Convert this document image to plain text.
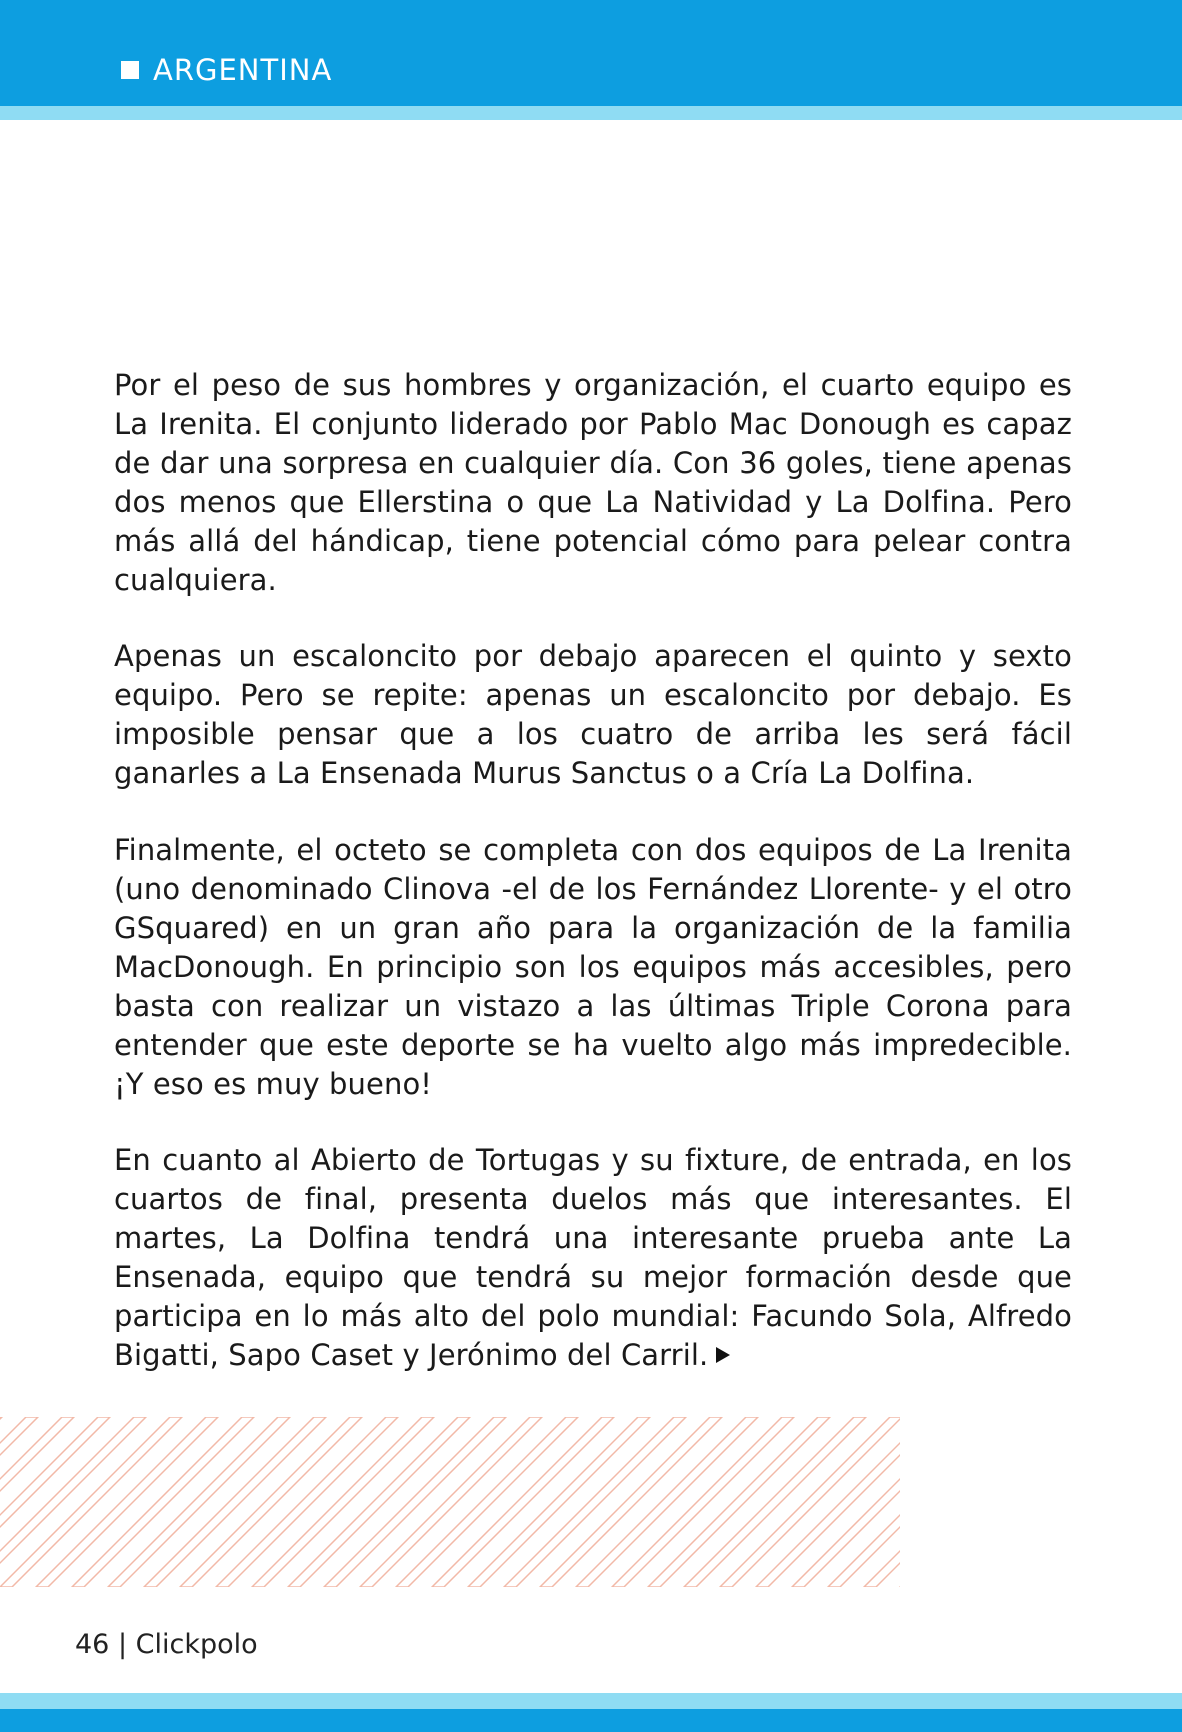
ARGENTINA

Por el peso de sus hombres y organización, el cuarto equipo es La Irenita. El conjunto liderado por Pablo Mac Donough es capaz de dar una sorpresa en cualquier día. Con 36 goles, tiene apenas dos menos que Ellerstina o que La Natividad y La Dolfina. Pero más allá del hándicap, tiene potencial cómo para pelear contra cualquiera.

Apenas un escaloncito por debajo aparecen el quinto y sexto equipo. Pero se repite: apenas un escaloncito por debajo. Es imposible pensar que a los cuatro de arriba les será fácil ganarles a La Ensenada Murus Sanctus o a Cría La Dolfina.

Finalmente, el octeto se completa con dos equipos de La Irenita (uno denominado Clinova -el de los Fernández Llorente- y el otro GSquared) en un gran año para la organización de la familia MacDonough. En principio son los equipos más accesibles, pero basta con realizar un vistazo a las últimas Triple Corona para entender que este deporte se ha vuelto algo más impredecible. ¡Y eso es muy bueno!

En cuanto al Abierto de Tortugas y su fixture, de entrada, en los cuartos de final, presenta duelos más que interesantes. El martes, La Dolfina tendrá una interesante prueba ante La Ensenada, equipo que tendrá su mejor formación desde que participa en lo más alto del polo mundial: Facundo Sola, Alfredo Bigatti, Sapo Caset y Jerónimo del Carril.

46 | Clickpolo
